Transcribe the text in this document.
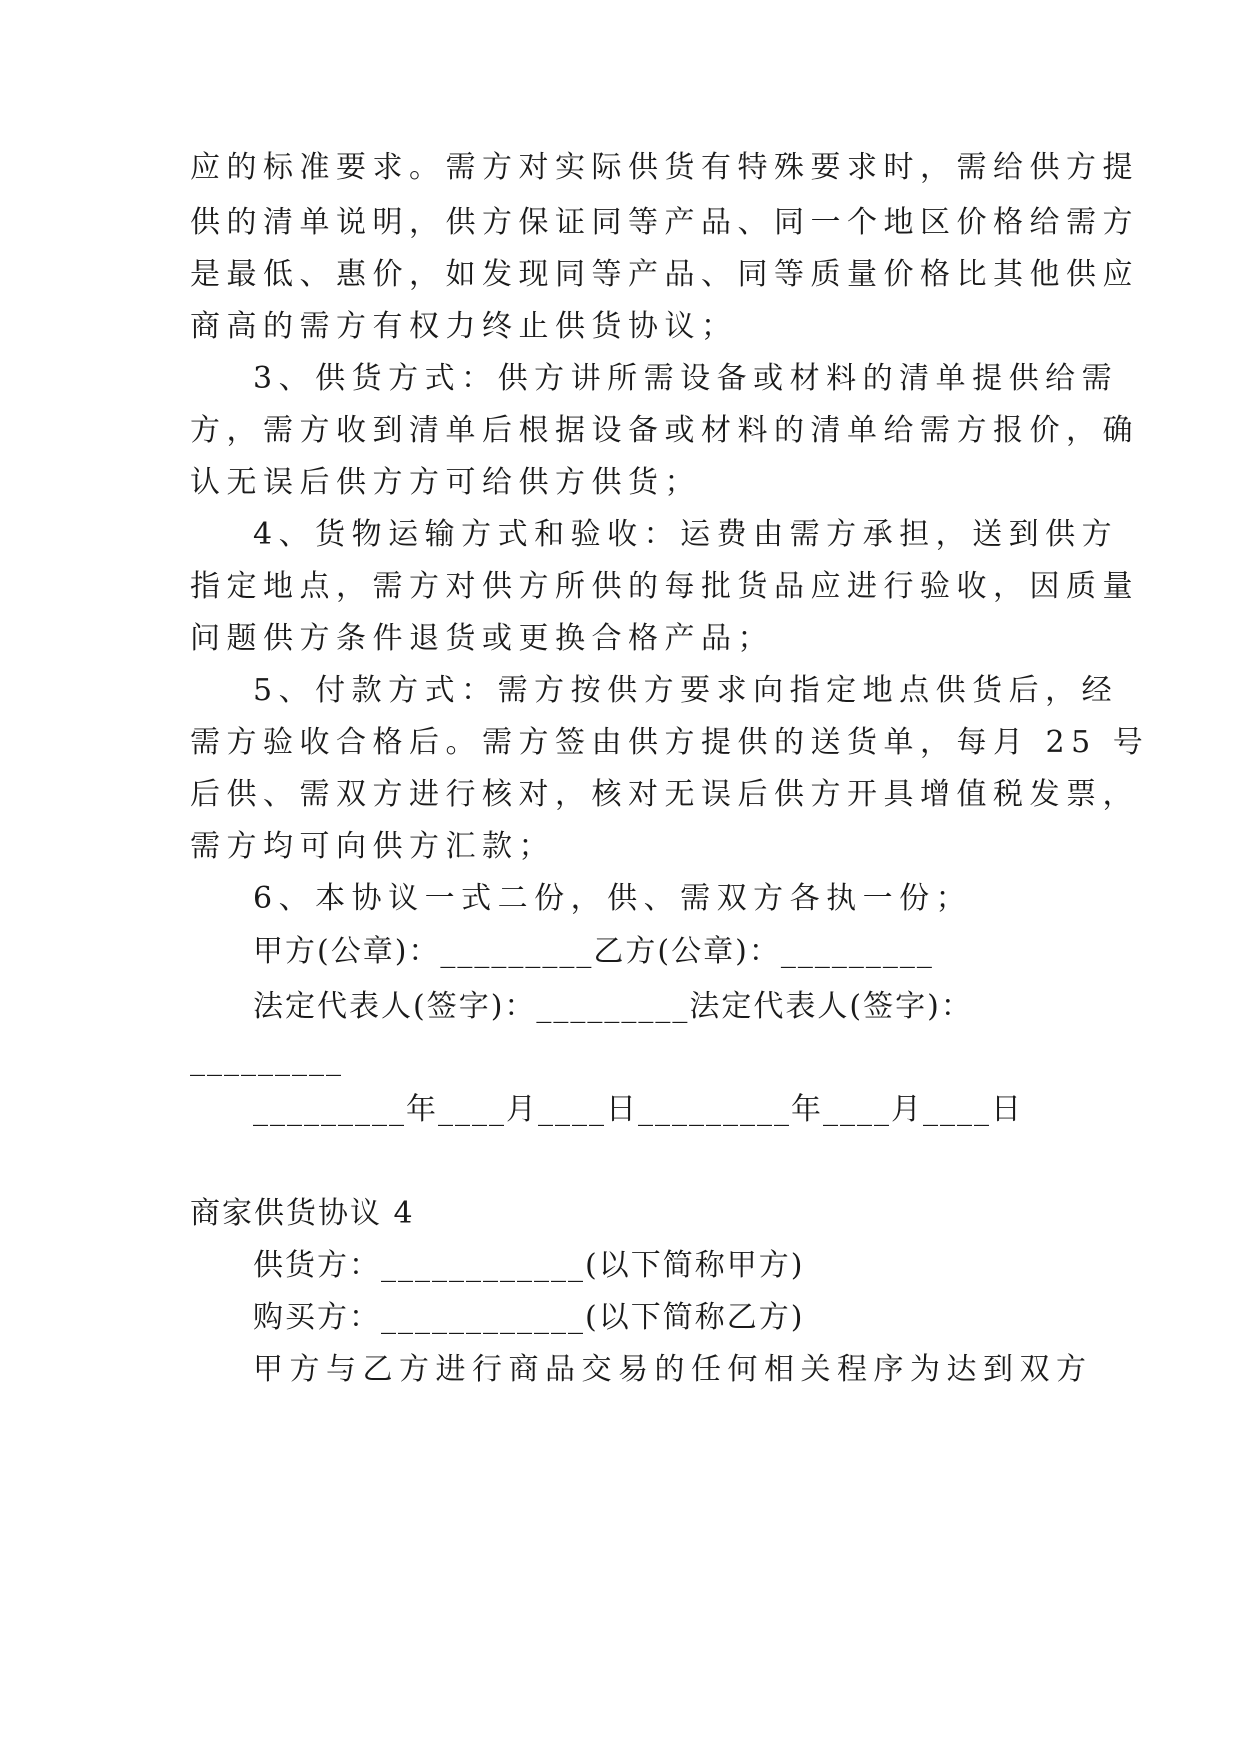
应的标准要求。需方对实际供货有特殊要求时，需给供方提
供的清单说明，供方保证同等产品、同一个地区价格给需方
是最低、惠价，如发现同等产品、同等质量价格比其他供应
商高的需方有权力终止供货协议；
3、供货方式：供方讲所需设备或材料的清单提供给需
方，需方收到清单后根据设备或材料的清单给需方报价，确
认无误后供方方可给供方供货；
4、货物运输方式和验收：运费由需方承担，送到供方
指定地点，需方对供方所供的每批货品应进行验收，因质量
问题供方条件退货或更换合格产品；
5、付款方式：需方按供方要求向指定地点供货后，经
需方验收合格后。需方签由供方提供的送货单，每月 25 号
后供、需双方进行核对，核对无误后供方开具增值税发票，
需方均可向供方汇款；
6、本协议一式二份，供、需双方各执一份；
甲方(公章)：_________乙方(公章)：_________
法定代表人(签字)：_________法定代表人(签字)：
_________
_________年____月____日_________年____月____日
商家供货协议 4
供货方：____________(以下简称甲方)
购买方：____________(以下简称乙方)
甲方与乙方进行商品交易的任何相关程序为达到双方
